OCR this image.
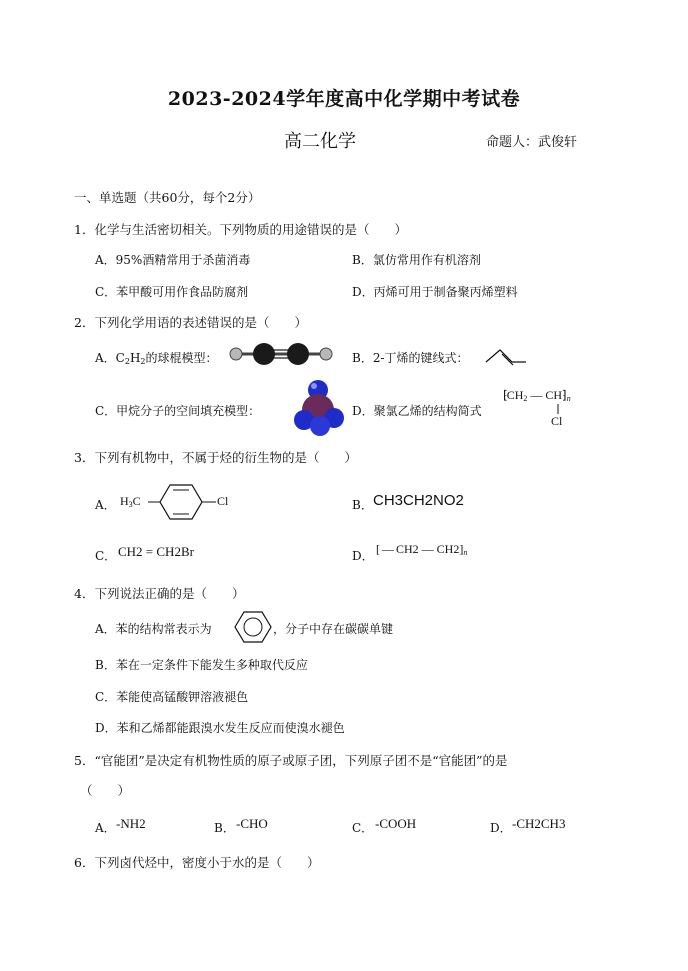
2023-2024学年度高中化学期中考试卷
高二化学	命题人：武俊轩
一、单选题（共60分，每个2分）
1．化学与生活密切相关。下列物质的用途错误的是（　　）
A．95%酒精常用于杀菌消毒	B．氯仿常用作有机溶剂
C．苯甲酸可用作食品防腐剂	D．丙烯可用于制备聚丙烯塑料
2．下列化学用语的表述错误的是（　　）
A．$C_2H_2$的球棍模型：	B．2-丁烯的键线式：
C．甲烷分子的空间填充模型：	D．聚氯乙烯的结构简式
$⁅CH_2$ — $CH⁆_n$
Cl
3．下列有机物中，不属于烃的衍生物的是（　　）
A． $H_3C$	Cl	B． CH3CH2NO2
C． CH2 = CH2Br	D． [ — CH2 — $CH2]_n$
4．下列说法正确的是（　　）
A．苯的结构常表示为	，分子中存在碳碳单键
B．苯在一定条件下能发生多种取代反应
C．苯能使高锰酸钾溶液褪色
D．苯和乙烯都能跟溴水发生反应而使溴水褪色
5．“官能团”是决定有机物性质的原子或原子团，下列原子团不是“官能团”的是
（　　）
A． -NH2	B． -CHO	C． -COOH	D． -CH2CH3
6．下列卤代烃中，密度小于水的是（　　）
